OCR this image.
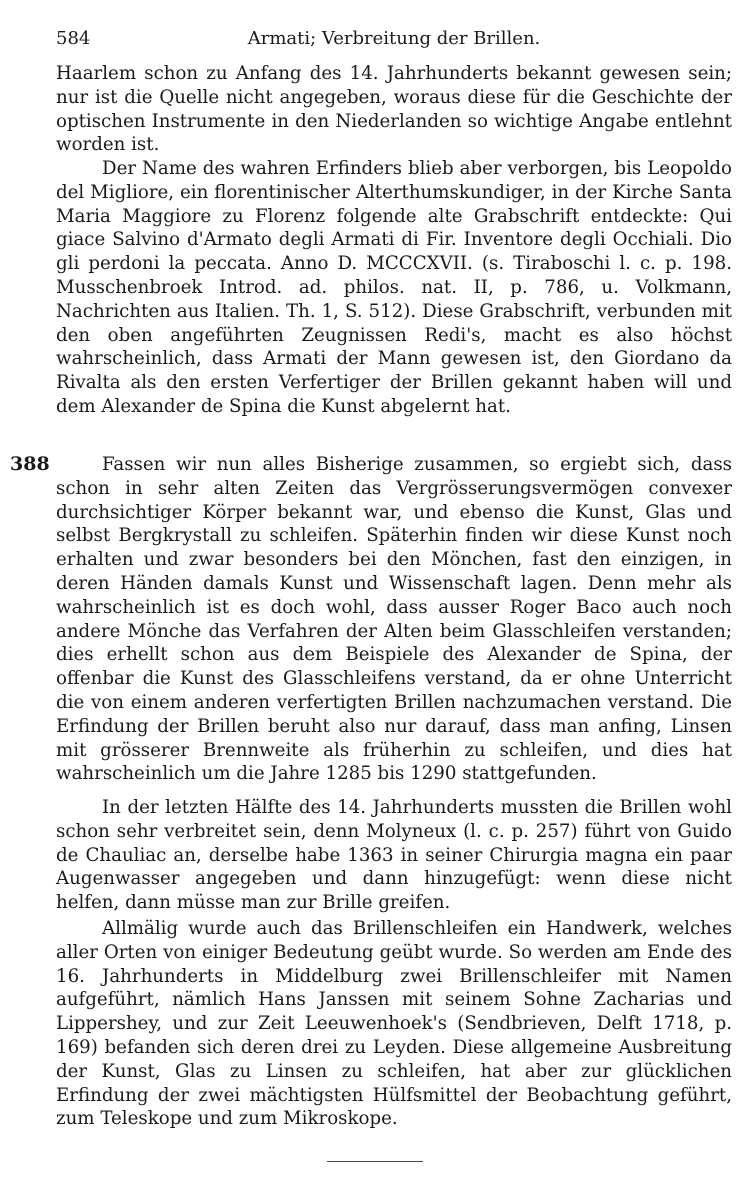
584	Armati; Verbreitung der Brillen.
388

Haarlem schon zu Anfang des 14. Jahrhunderts bekannt gewesen sein; nur ist die Quelle nicht angegeben, woraus diese für die Geschichte der optischen Instrumente in den Niederlanden so wichtige Angabe entlehnt worden ist.

Der Name des wahren Erfinders blieb aber verborgen, bis Leopoldo del Migliore, ein florentinischer Alterthumskundiger, in der Kirche Santa Maria Maggiore zu Florenz folgende alte Grabschrift entdeckte: Qui giace Salvino d'Armato degli Armati di Fir. Inventore degli Occhiali. Dio gli perdoni la peccata. Anno D. MCCCXVII. (s. Tiraboschi l. c. p. 198. Musschenbroek Introd. ad. philos. nat. II, p. 786, u. Volkmann, Nachrichten aus Italien. Th. 1, S. 512). Diese Grabschrift, verbunden mit den oben angeführten Zeugnissen Redi's, macht es also höchst wahrscheinlich, dass Armati der Mann gewesen ist, den Giordano da Rivalta als den ersten Verfertiger der Brillen gekannt haben will und dem Alexander de Spina die Kunst abgelernt hat.

Fassen wir nun alles Bisherige zusammen, so ergiebt sich, dass schon in sehr alten Zeiten das Vergrösserungsvermögen convexer durchsichtiger Körper bekannt war, und ebenso die Kunst, Glas und selbst Bergkrystall zu schleifen. Späterhin finden wir diese Kunst noch erhalten und zwar besonders bei den Mönchen, fast den einzigen, in deren Händen damals Kunst und Wissenschaft lagen. Denn mehr als wahrscheinlich ist es doch wohl, dass ausser Roger Baco auch noch andere Mönche das Verfahren der Alten beim Glasschleifen verstanden; dies erhellt schon aus dem Beispiele des Alexander de Spina, der offenbar die Kunst des Glasschleifens verstand, da er ohne Unterricht die von einem anderen verfertigten Brillen nachzumachen verstand. Die Erfindung der Brillen beruht also nur darauf, dass man anfing, Linsen mit grösserer Brennweite als früherhin zu schleifen, und dies hat wahrscheinlich um die Jahre 1285 bis 1290 stattgefunden.

In der letzten Hälfte des 14. Jahrhunderts mussten die Brillen wohl schon sehr verbreitet sein, denn Molyneux (l. c. p. 257) führt von Guido de Chauliac an, derselbe habe 1363 in seiner Chirurgia magna ein paar Augenwasser angegeben und dann hinzugefügt: wenn diese nicht helfen, dann müsse man zur Brille greifen.

Allmälig wurde auch das Brillenschleifen ein Handwerk, welches aller Orten von einiger Bedeutung geübt wurde. So werden am Ende des 16. Jahrhunderts in Middelburg zwei Brillenschleifer mit Namen aufgeführt, nämlich Hans Janssen mit seinem Sohne Zacharias und Lippershey, und zur Zeit Leeuwenhoek's (Sendbrieven, Delft 1718, p. 169) befanden sich deren drei zu Leyden. Diese allgemeine Ausbreitung der Kunst, Glas zu Linsen zu schleifen, hat aber zur glücklichen Erfindung der zwei mächtigsten Hülfsmittel der Beobachtung geführt, zum Teleskope und zum Mikroskope.
